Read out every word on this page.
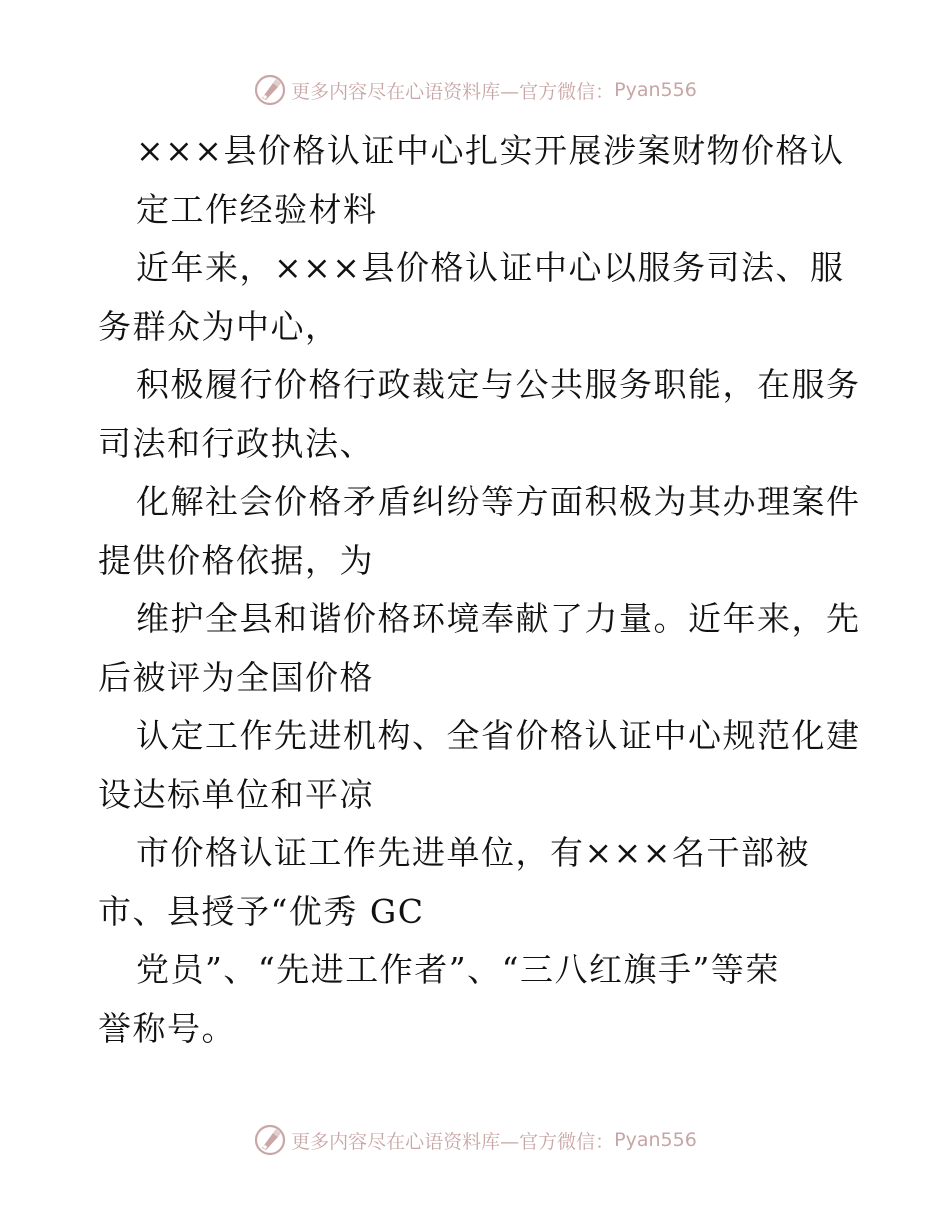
更多内容尽在心语资料库—官方微信： Pyan556
×××县价格认证中心扎实开展涉案财物价格认
定工作经验材料
近年来，×××县价格认证中心以服务司法、服
务群众为中心，
积极履行价格行政裁定与公共服务职能，在服务
司法和行政执法、
化解社会价格矛盾纠纷等方面积极为其办理案件
提供价格依据，为
维护全县和谐价格环境奉献了力量。近年来，先
后被评为全国价格
认定工作先进机构、全省价格认证中心规范化建
设达标单位和平凉
市价格认证工作先进单位，有×××名干部被
市、县授予“优秀 GC
党员”、“先进工作者”、“三八红旗手”等荣
誉称号。
更多内容尽在心语资料库—官方微信： Pyan556
